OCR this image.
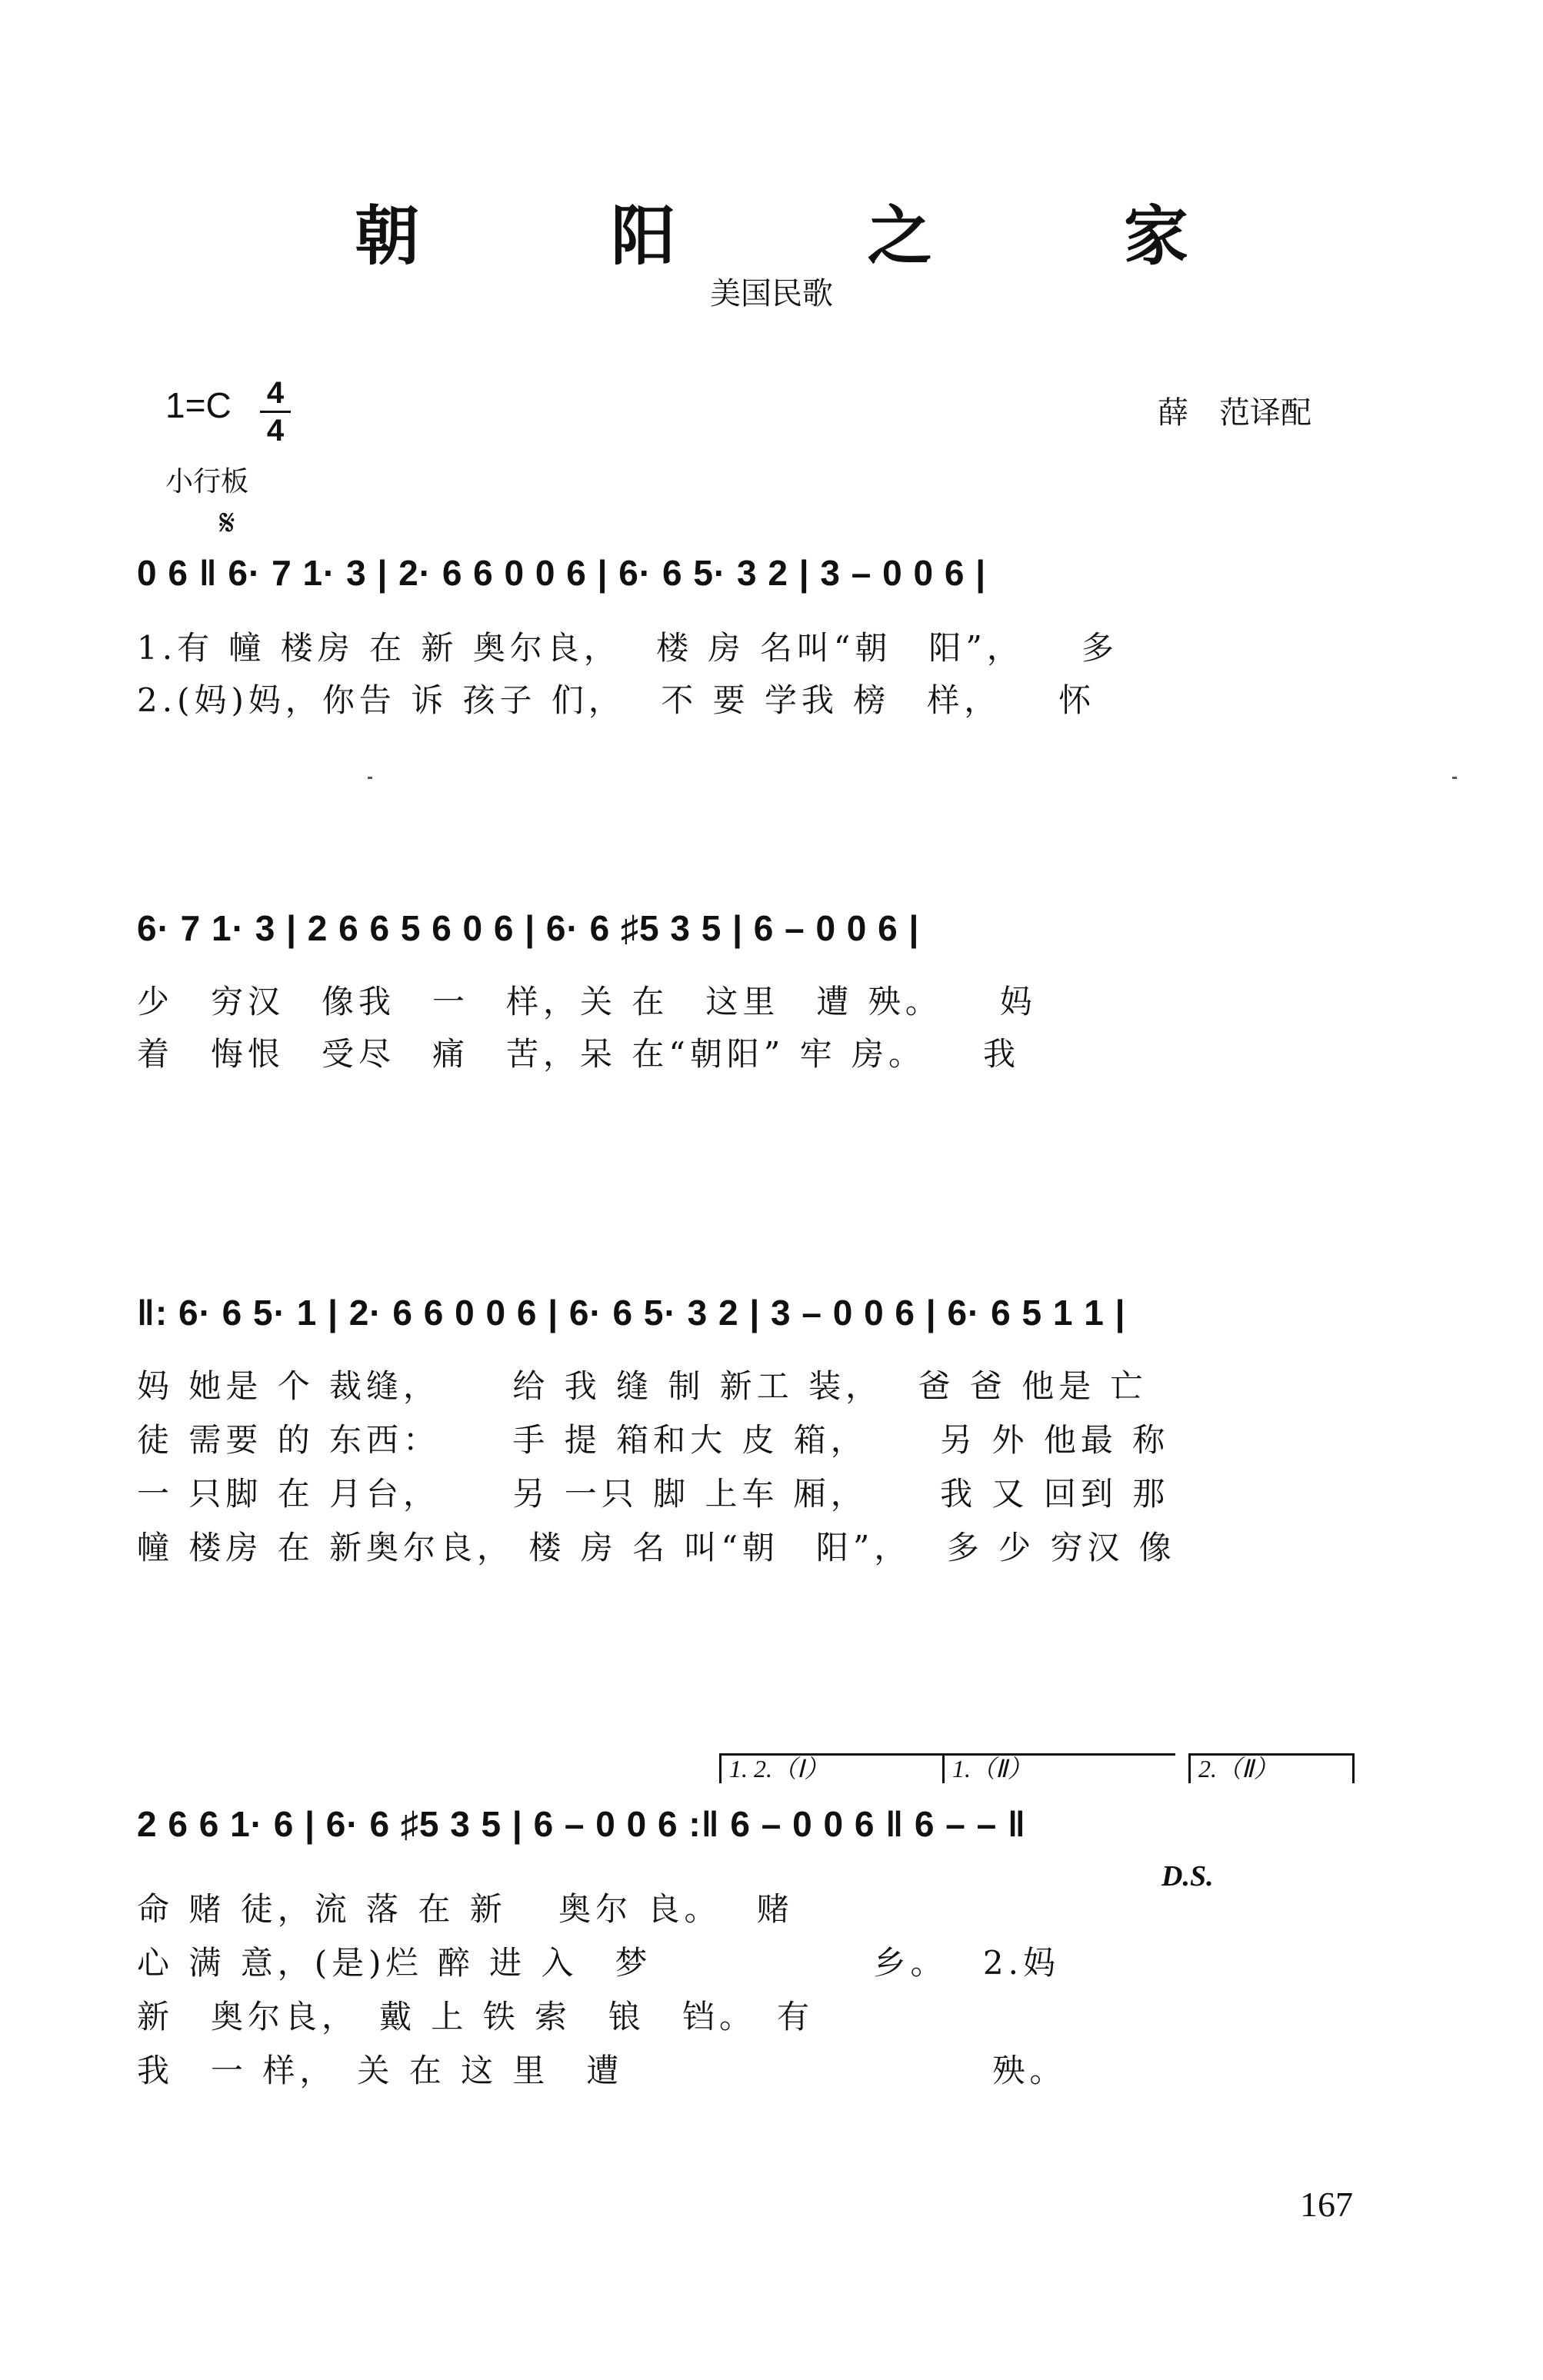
朝 阳 之 家
美国民歌
$1=C \frac{4}{4}$	薛　范译配
小行板
𝄋
0 6 ‖ 6· 7 1· 3 | 2· 6 6 0 0 6 | 6· 6 5· 3 2 | 3 – 0 0 6 |
1.有 幢 楼房 在 新 奥尔良，　 楼 房 名叫“朝　阳”，　　多
2.(妈)妈，你告 诉 孩子 们，　 不 要 学我 榜　样，　　怀
6· 7 1· 3 | 2 6 6 5 6 0 6 | 6· 6 ♯5 3 5 | 6 – 0 0 6 |
少　穷汉　像我　一　样，关 在　这里　遭 殃。　　妈
着　悔恨　受尽　痛　苦，呆 在“朝阳” 牢 房。　　我
‖: 6· 6 5· 1 | 2· 6 6 0 0 6 | 6· 6 5· 3 2 | 3 – 0 0 6 | 6· 6 5 1 1 |
妈 她是 个 裁缝，　　 给 我 缝 制 新工 装，　 爸 爸 他是 亡
徒 需要 的 东西：　　 手 提 箱和大 皮 箱，　　 另 外 他最 称
一 只脚 在 月台，　　 另 一只 脚 上车 厢，　　 我 又 回到 那
幢 楼房 在 新奥尔良， 楼 房 名 叫“朝　阳”，　 多 少 穷汉 像
1. 2.（Ⅰ）	1.（Ⅱ）	2.（Ⅱ）
2 6 6 1· 6 | 6· 6 ♯5 3 5 | 6 – 0 0 6 :‖ 6 – 0 0 6 ‖ 6 – – ‖
D.S.
命 赌 徒，流 落 在 新　 奥尔 良。　 赌
心 满 意，(是)烂 醉 进 入　梦　　　　　　乡。　 2.妈
新　奥尔良，　戴 上 铁 索　锒　铛。　有
我　一 样，　关 在 这 里　遭　　　　　　　　　　殃。
167
